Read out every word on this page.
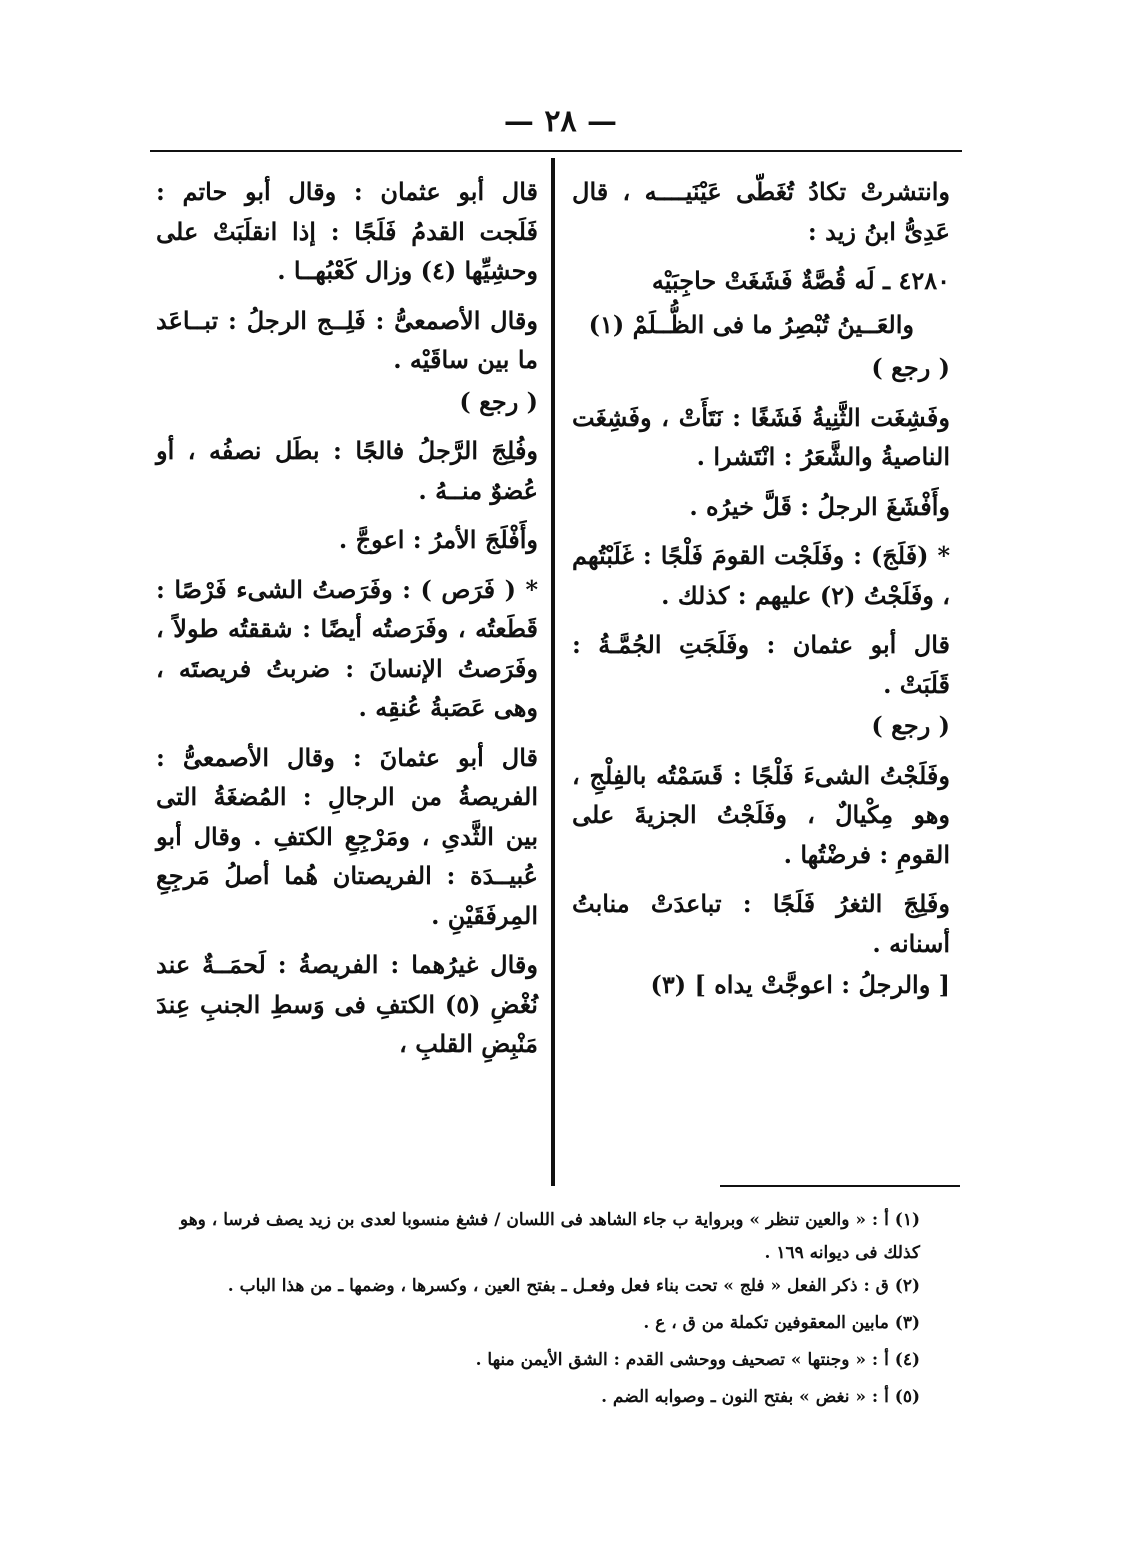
— ٢٨ —

وانتشرتْ تكادُ تُغَطّى عَيْنَيــــه ، قال عَدِىُّ ابنُ زيد :

٤٢٨٠ ـ لَه قُصَّةٌ فَشَغَتْ حاجِبَيْه

والعَــينُ تُبْصِرُ ما فى الظُّــلَمْ (١)

( رجع )

وفَشِغَت الثَّنِيةُ فَشَغًا : نَتَأَتْ ، وفَشِغَت الناصيةُ والشَّعَرُ : انْتَشرا .

وأَفْشَغَ الرجلُ : قَلَّ خيرُه .

* (فَلَجَ) : وفَلَجْت القومَ فَلْجًا : غَلَبْتُهم ، وفَلَجْتُ (٢) عليهم : كذلك .

قال أبو عثمان : وفَلَجَتِ الجُمَّـةُ : قَلَبَتْ .

( رجع )

وفَلَجْتُ الشىءَ فَلْجًا : قَسَمْتُه بالفِلْجِ ، وهو مِكْيالٌ ، وفَلَجْتُ الجزيةَ على القومِ : فرضْتُها .

وفَلِجَ الثغرُ فَلَجًا : تباعدَتْ منابتُ أسنانه .

[ والرجلُ : اعوجَّتْ يداه ] (٣)

قال أبو عثمان : وقال أبو حاتم : فَلَجت القدمُ فَلَجًا : إذا انقلَبَتْ على وحشِيِّها (٤) وزال كَعْبُهــا .

وقال الأصمعىُّ : فَلِــج الرجلُ : تبــاعَد ما بين ساقَيْه .

( رجع )

وفُلِجَ الرَّجلُ فالجًا : بطَل نصفُه ، أو عُضوٌ منــهُ .

وأَفْلَجَ الأمرُ : اعوجَّ .

* ( فَرَص ) : وفَرَصتُ الشىء فَرْصًا : قَطَعتُه ، وفَرَصتُه أيضًا : شققتُه طولاً ، وفَرَصتُ الإنسانَ : ضربتُ فريصتَه ، وهى عَصَبةُ عُنقِه .

قال أبو عثمانَ : وقال الأصمعىُّ : الفريصةُ من الرجالِ : المُضغَةُ التى بين الثَّدىِ ، ومَرْجِعِ الكتفِ . وقال أبو عُبيــدَة : الفريصتان هُما أصلُ مَرجِعِ المِرفَقَيْنِ .

وقال غيرُهما : الفريصةُ : لَحمَــةٌ عند نُغْضِ (٥) الكتفِ فى وَسطِ الجنبِ عِندَ مَنْبِضِ القلبِ ،

(١) أ : « والعين تنظر » وبرواية ب جاء الشاهد فى اللسان / فشغ منسوبا لعدى بن زيد يصف فرسا ، وهو كذلك فى ديوانه ١٦٩ .

(٢) ق : ذكر الفعل « فلج » تحت بناء فعل وفعـل ـ بفتح العين ، وكسرها ، وضمها ـ من هذا الباب .

(٣) مابين المعقوفين تكملة من ق ، ع .

(٤) أ : « وجنتها » تصحيف ووحشى القدم : الشق الأيمن منها .

(٥) أ : « نغض » بفتح النون ـ وصوابه الضم .
